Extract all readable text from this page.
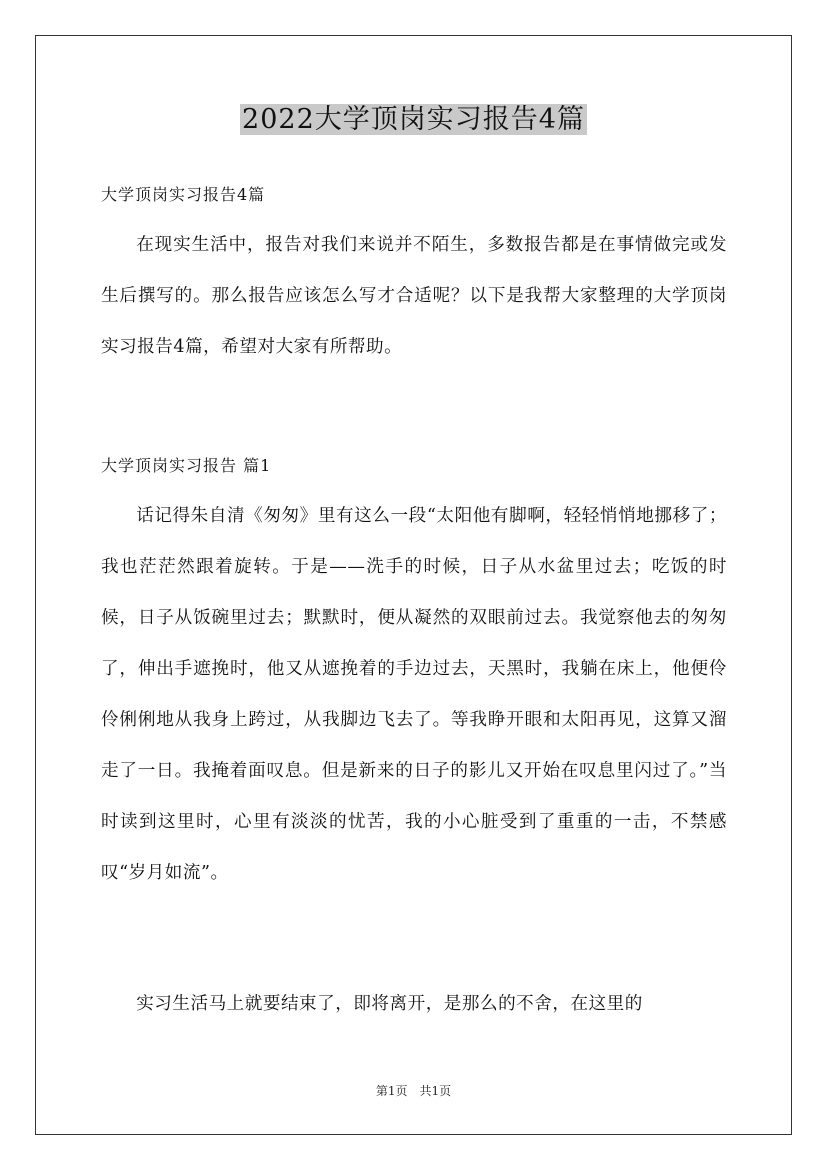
2022大学顶岗实习报告4篇
大学顶岗实习报告4篇
在现实生活中，报告对我们来说并不陌生，多数报告都是在事情做完或发生后撰写的。那么报告应该怎么写才合适呢？以下是我帮大家整理的大学顶岗实习报告4篇，希望对大家有所帮助。
大学顶岗实习报告 篇1
话记得朱自清《匆匆》里有这么一段“太阳他有脚啊，轻轻悄悄地挪移了；我也茫茫然跟着旋转。于是——洗手的时候，日子从水盆里过去；吃饭的时候，日子从饭碗里过去；默默时，便从凝然的双眼前过去。我觉察他去的匆匆了，伸出手遮挽时，他又从遮挽着的手边过去，天黑时，我躺在床上，他便伶伶俐俐地从我身上跨过，从我脚边飞去了。等我睁开眼和太阳再见，这算又溜走了一日。我掩着面叹息。但是新来的日子的影儿又开始在叹息里闪过了。”当时读到这里时，心里有淡淡的忧苦，我的小心脏受到了重重的一击，不禁感叹“岁月如流”。
实习生活马上就要结束了，即将离开，是那么的不舍，在这里的
第1页　共1页
